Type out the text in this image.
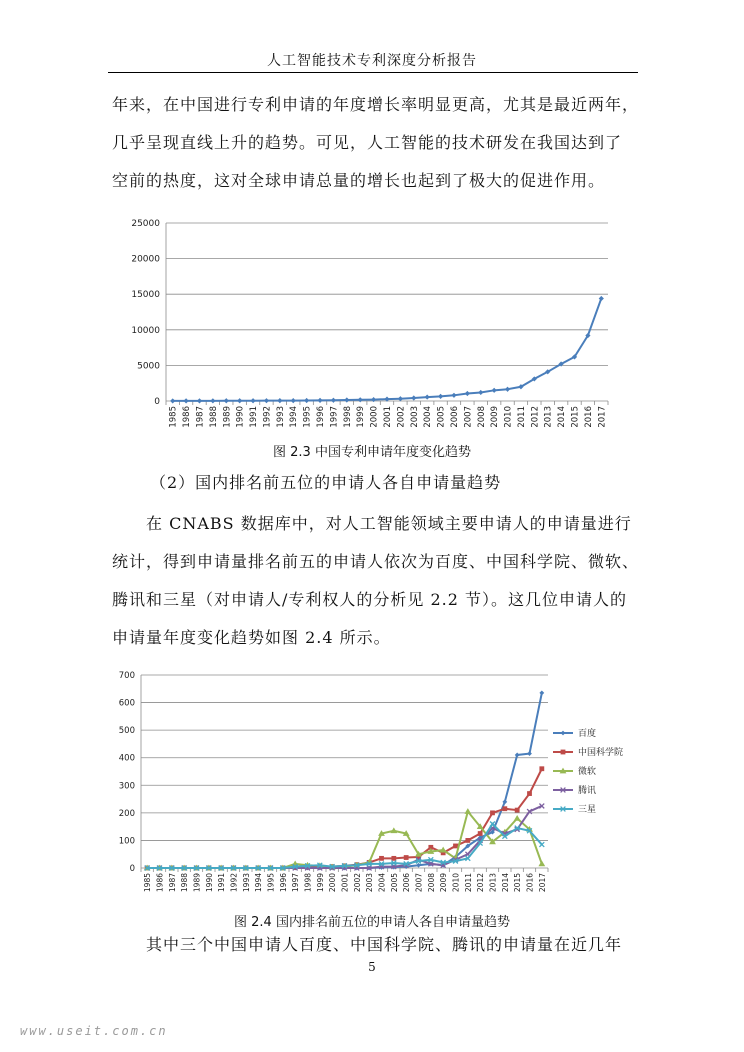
人工智能技术专利深度分析报告
年来，在中国进行专利申请的年度增长率明显更高，尤其是最近两年，
几乎呈现直线上升的趋势。可见，人工智能的技术研发在我国达到了
空前的热度，这对全球申请总量的增长也起到了极大的促进作用。
0
5000
10000
15000
20000
25000
1985 1986 1987 1988 1989 1990 1991 1992 1993 1994 1995 1996 1997 1998 1999 2000 2001 2002 2003 2004 2005 2006 2007 2008 2009 2010 2011 2012 2013 2014 2015 2016 2017
图 2.3 中国专利申请年度变化趋势
（2）国内排名前五位的申请人各自申请量趋势
在 CNABS 数据库中，对人工智能领域主要申请人的申请量进行
统计，得到申请量排名前五的申请人依次为百度、中国科学院、微软、
腾讯和三星（对申请人/专利权人的分析见 2.2 节）。这几位申请人的
申请量年度变化趋势如图 2.4 所示。
0
100
200
300
400
500
600
700
1985 1986 1987 1988 1989 1990 1991 1992 1993 1994 1995 1996 1997 1998 1999 2000 2001 2002 2003 2004 2005 2006 2007 2008 2009 2010 2011 2012 2013 2014 2015 2016 2017
百度
中国科学院
微软
腾讯
三星
图 2.4 国内排名前五位的申请人各自申请量趋势
其中三个中国申请人百度、中国科学院、腾讯的申请量在近几年
5
www.useit.com.cn
